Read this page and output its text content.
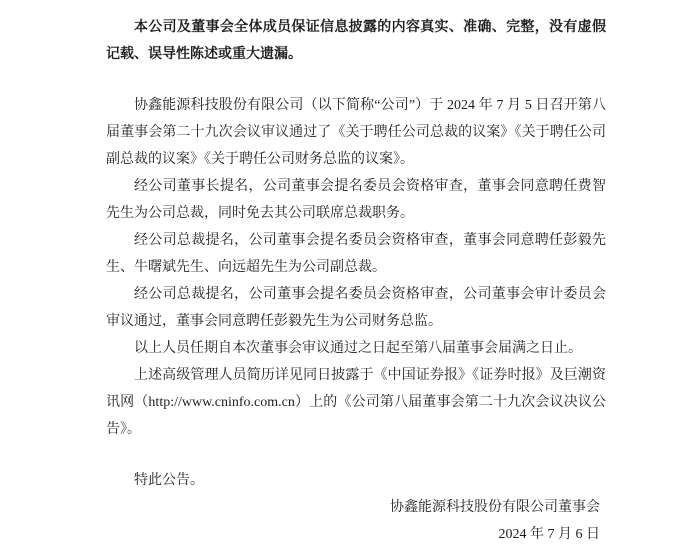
本公司及董事会全体成员保证信息披露的内容真实、准确、完整，没有虚假记载、误导性陈述或重大遗漏。

协鑫能源科技股份有限公司（以下简称“公司”）于 2024 年 7 月 5 日召开第八届董事会第二十九次会议审议通过了《关于聘任公司总裁的议案》《关于聘任公司副总裁的议案》《关于聘任公司财务总监的议案》。

经公司董事长提名，公司董事会提名委员会资格审查，董事会同意聘任费智先生为公司总裁，同时免去其公司联席总裁职务。

经公司总裁提名，公司董事会提名委员会资格审查，董事会同意聘任彭毅先生、牛曙斌先生、向远超先生为公司副总裁。

经公司总裁提名，公司董事会提名委员会资格审查，公司董事会审计委员会审议通过，董事会同意聘任彭毅先生为公司财务总监。

以上人员任期自本次董事会审议通过之日起至第八届董事会届满之日止。

上述高级管理人员简历详见同日披露于《中国证券报》《证券时报》及巨潮资讯网（http://www.cninfo.com.cn）上的《公司第八届董事会第二十九次会议决议公告》。

特此公告。

协鑫能源科技股份有限公司董事会
2024 年 7 月 6 日
